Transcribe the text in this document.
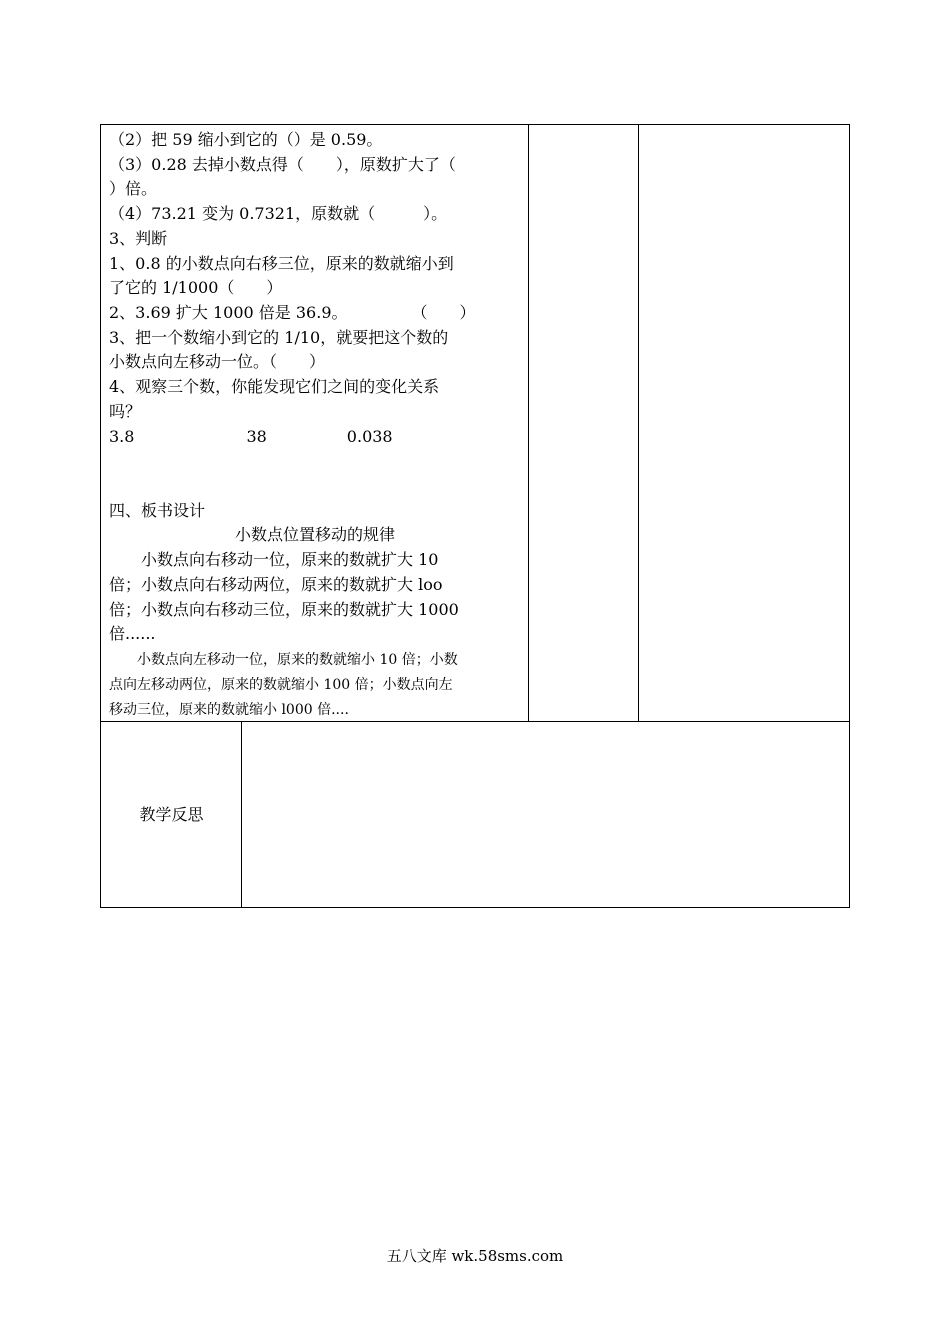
（2）把 59 缩小到它的（）是 0.59。
（3）0.28 去掉小数点得（　　），原数扩大了（
）倍。
（4）73.21 变为 0.7321，原数就（　　　）。
3、判断
1、0.8 的小数点向右移三位，原来的数就缩小到
了它的 1/1000（　　）
2、3.69 扩大 1000 倍是 36.9。　　　　　（　　）
3、把一个数缩小到它的 1/10，就要把这个数的
小数点向左移动一位。（　　）
4、观察三个数，你能发现它们之间的变化关系
吗？
3.8　　　　　　　38　　　　　0.038
四、板书设计
小数点位置移动的规律
　　小数点向右移动一位，原来的数就扩大 10
倍；小数点向右移动两位，原来的数就扩大 loo
倍；小数点向右移动三位，原来的数就扩大 1000
倍......
　　小数点向左移动一位，原来的数就缩小 10 倍；小数
点向左移动两位，原来的数就缩小 100 倍；小数点向左
移动三位，原来的数就缩小 l000 倍....
教学反思
五八文库 wk.58sms.com
